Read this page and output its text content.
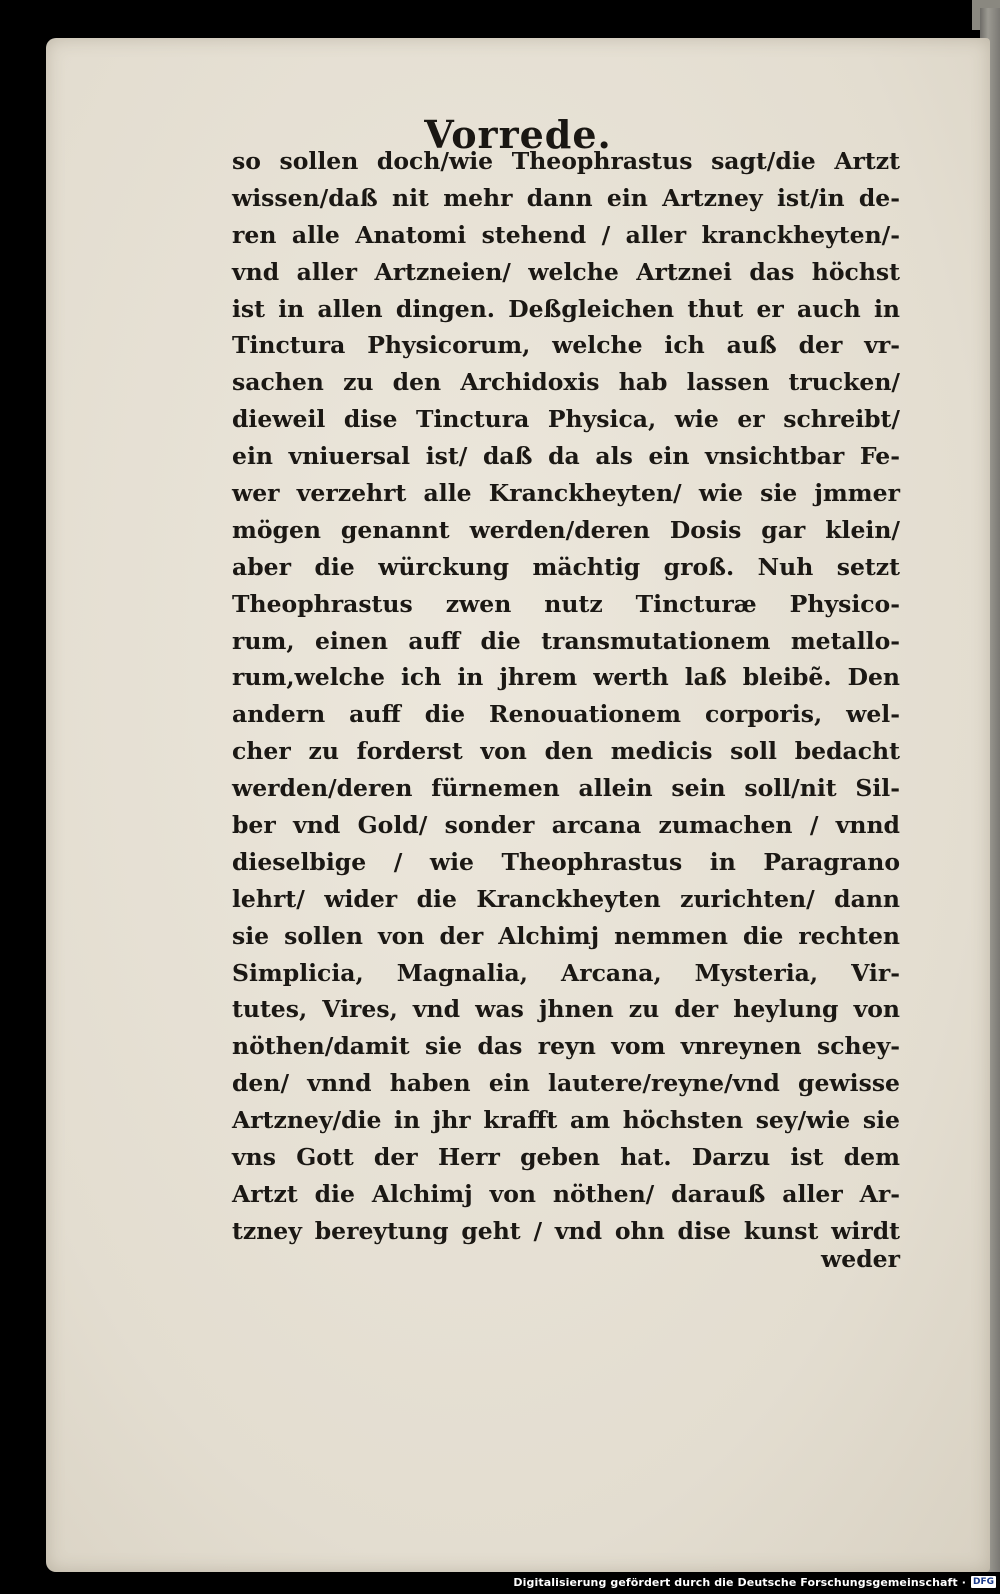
Vorrede.
so sollen doch/wie Theophrastus sagt/die Artzt
wissen/daß nit mehr dann ein Artzney ist/in de-
ren alle Anatomi stehend / aller kranckheyten/-
vnd aller Artzneien/ welche Artznei das höchst
ist in allen dingen. Deßgleichen thut er auch in
Tinctura Physicorum, welche ich auß der vr-
sachen zu den Archidoxis hab lassen trucken/
dieweil dise Tinctura Physica, wie er schreibt/
ein vniuersal ist/ daß da als ein vnsichtbar Fe-
wer verzehrt alle Kranckheyten/ wie sie jmmer
mögen genannt werden/deren Dosis gar klein/
aber die würckung mächtig groß. Nuh setzt
Theophrastus zwen nutz Tincturæ Physico-
rum, einen auff die transmutationem metallo-
rum,welche ich in jhrem werth laß bleibẽ. Den
andern auff die Renouationem corporis, wel-
cher zu forderst von den medicis soll bedacht
werden/deren fürnemen allein sein soll/nit Sil-
ber vnd Gold/ sonder arcana zumachen / vnnd
dieselbige / wie Theophrastus in Paragrano
lehrt/ wider die Kranckheyten zurichten/ dann
sie sollen von der Alchimj nemmen die rechten
Simplicia, Magnalia, Arcana, Mysteria, Vir-
tutes, Vires, vnd was jhnen zu der heylung von
nöthen/damit sie das reyn vom vnreynen schey-
den/ vnnd haben ein lautere/reyne/vnd gewisse
Artzney/die in jhr krafft am höchsten sey/wie sie
vns Gott der Herr geben hat. Darzu ist dem
Artzt die Alchimj von nöthen/ darauß aller Ar-
tzney bereytung geht / vnd ohn dise kunst wirdt
weder
Digitalisierung gefördert durch die Deutsche Forschungsgemeinschaft · DFG
